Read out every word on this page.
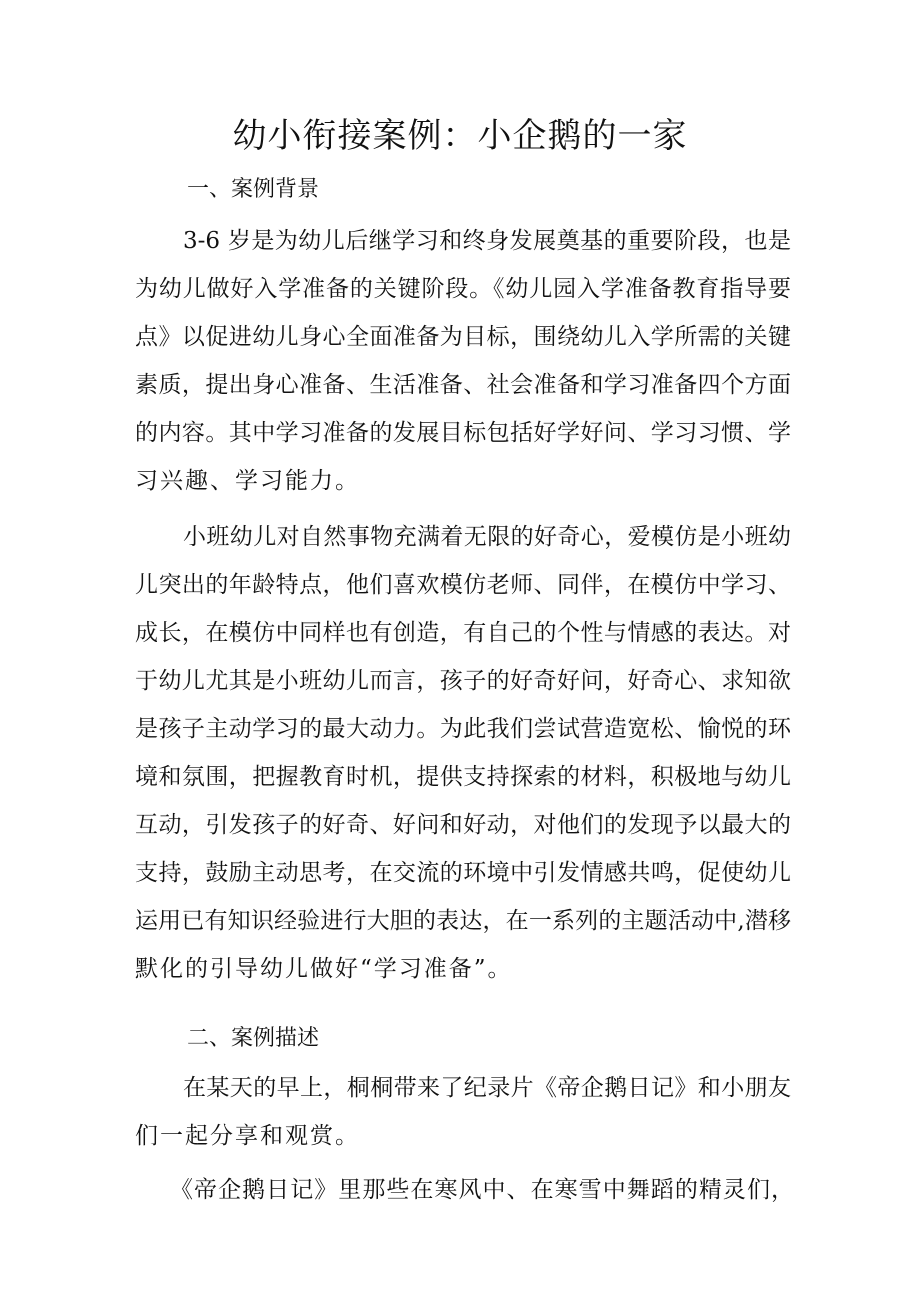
幼小衔接案例：小企鹅的一家
一、案例背景
3-6 岁是为幼儿后继学习和终身发展奠基的重要阶段，也是
为幼儿做好入学准备的关键阶段。《幼儿园入学准备教育指导要
点》以促进幼儿身心全面准备为目标，围绕幼儿入学所需的关键
素质，提出身心准备、生活准备、社会准备和学习准备四个方面
的内容。其中学习准备的发展目标包括好学好问、学习习惯、学
习兴趣、学习能力。
小班幼儿对自然事物充满着无限的好奇心，爱模仿是小班幼
儿突出的年龄特点，他们喜欢模仿老师、同伴，在模仿中学习、
成长，在模仿中同样也有创造，有自己的个性与情感的表达。对
于幼儿尤其是小班幼儿而言，孩子的好奇好问，好奇心、求知欲
是孩子主动学习的最大动力。为此我们尝试营造宽松、愉悦的环
境和氛围，把握教育时机，提供支持探索的材料，积极地与幼儿
互动，引发孩子的好奇、好问和好动，对他们的发现予以最大的
支持，鼓励主动思考，在交流的环境中引发情感共鸣，促使幼儿
运用已有知识经验进行大胆的表达，在一系列的主题活动中,潜移
默化的引导幼儿做好“学习准备”。
二、案例描述
在某天的早上，桐桐带来了纪录片《帝企鹅日记》和小朋友
们一起分享和观赏。
《帝企鹅日记》里那些在寒风中、在寒雪中舞蹈的精灵们，
